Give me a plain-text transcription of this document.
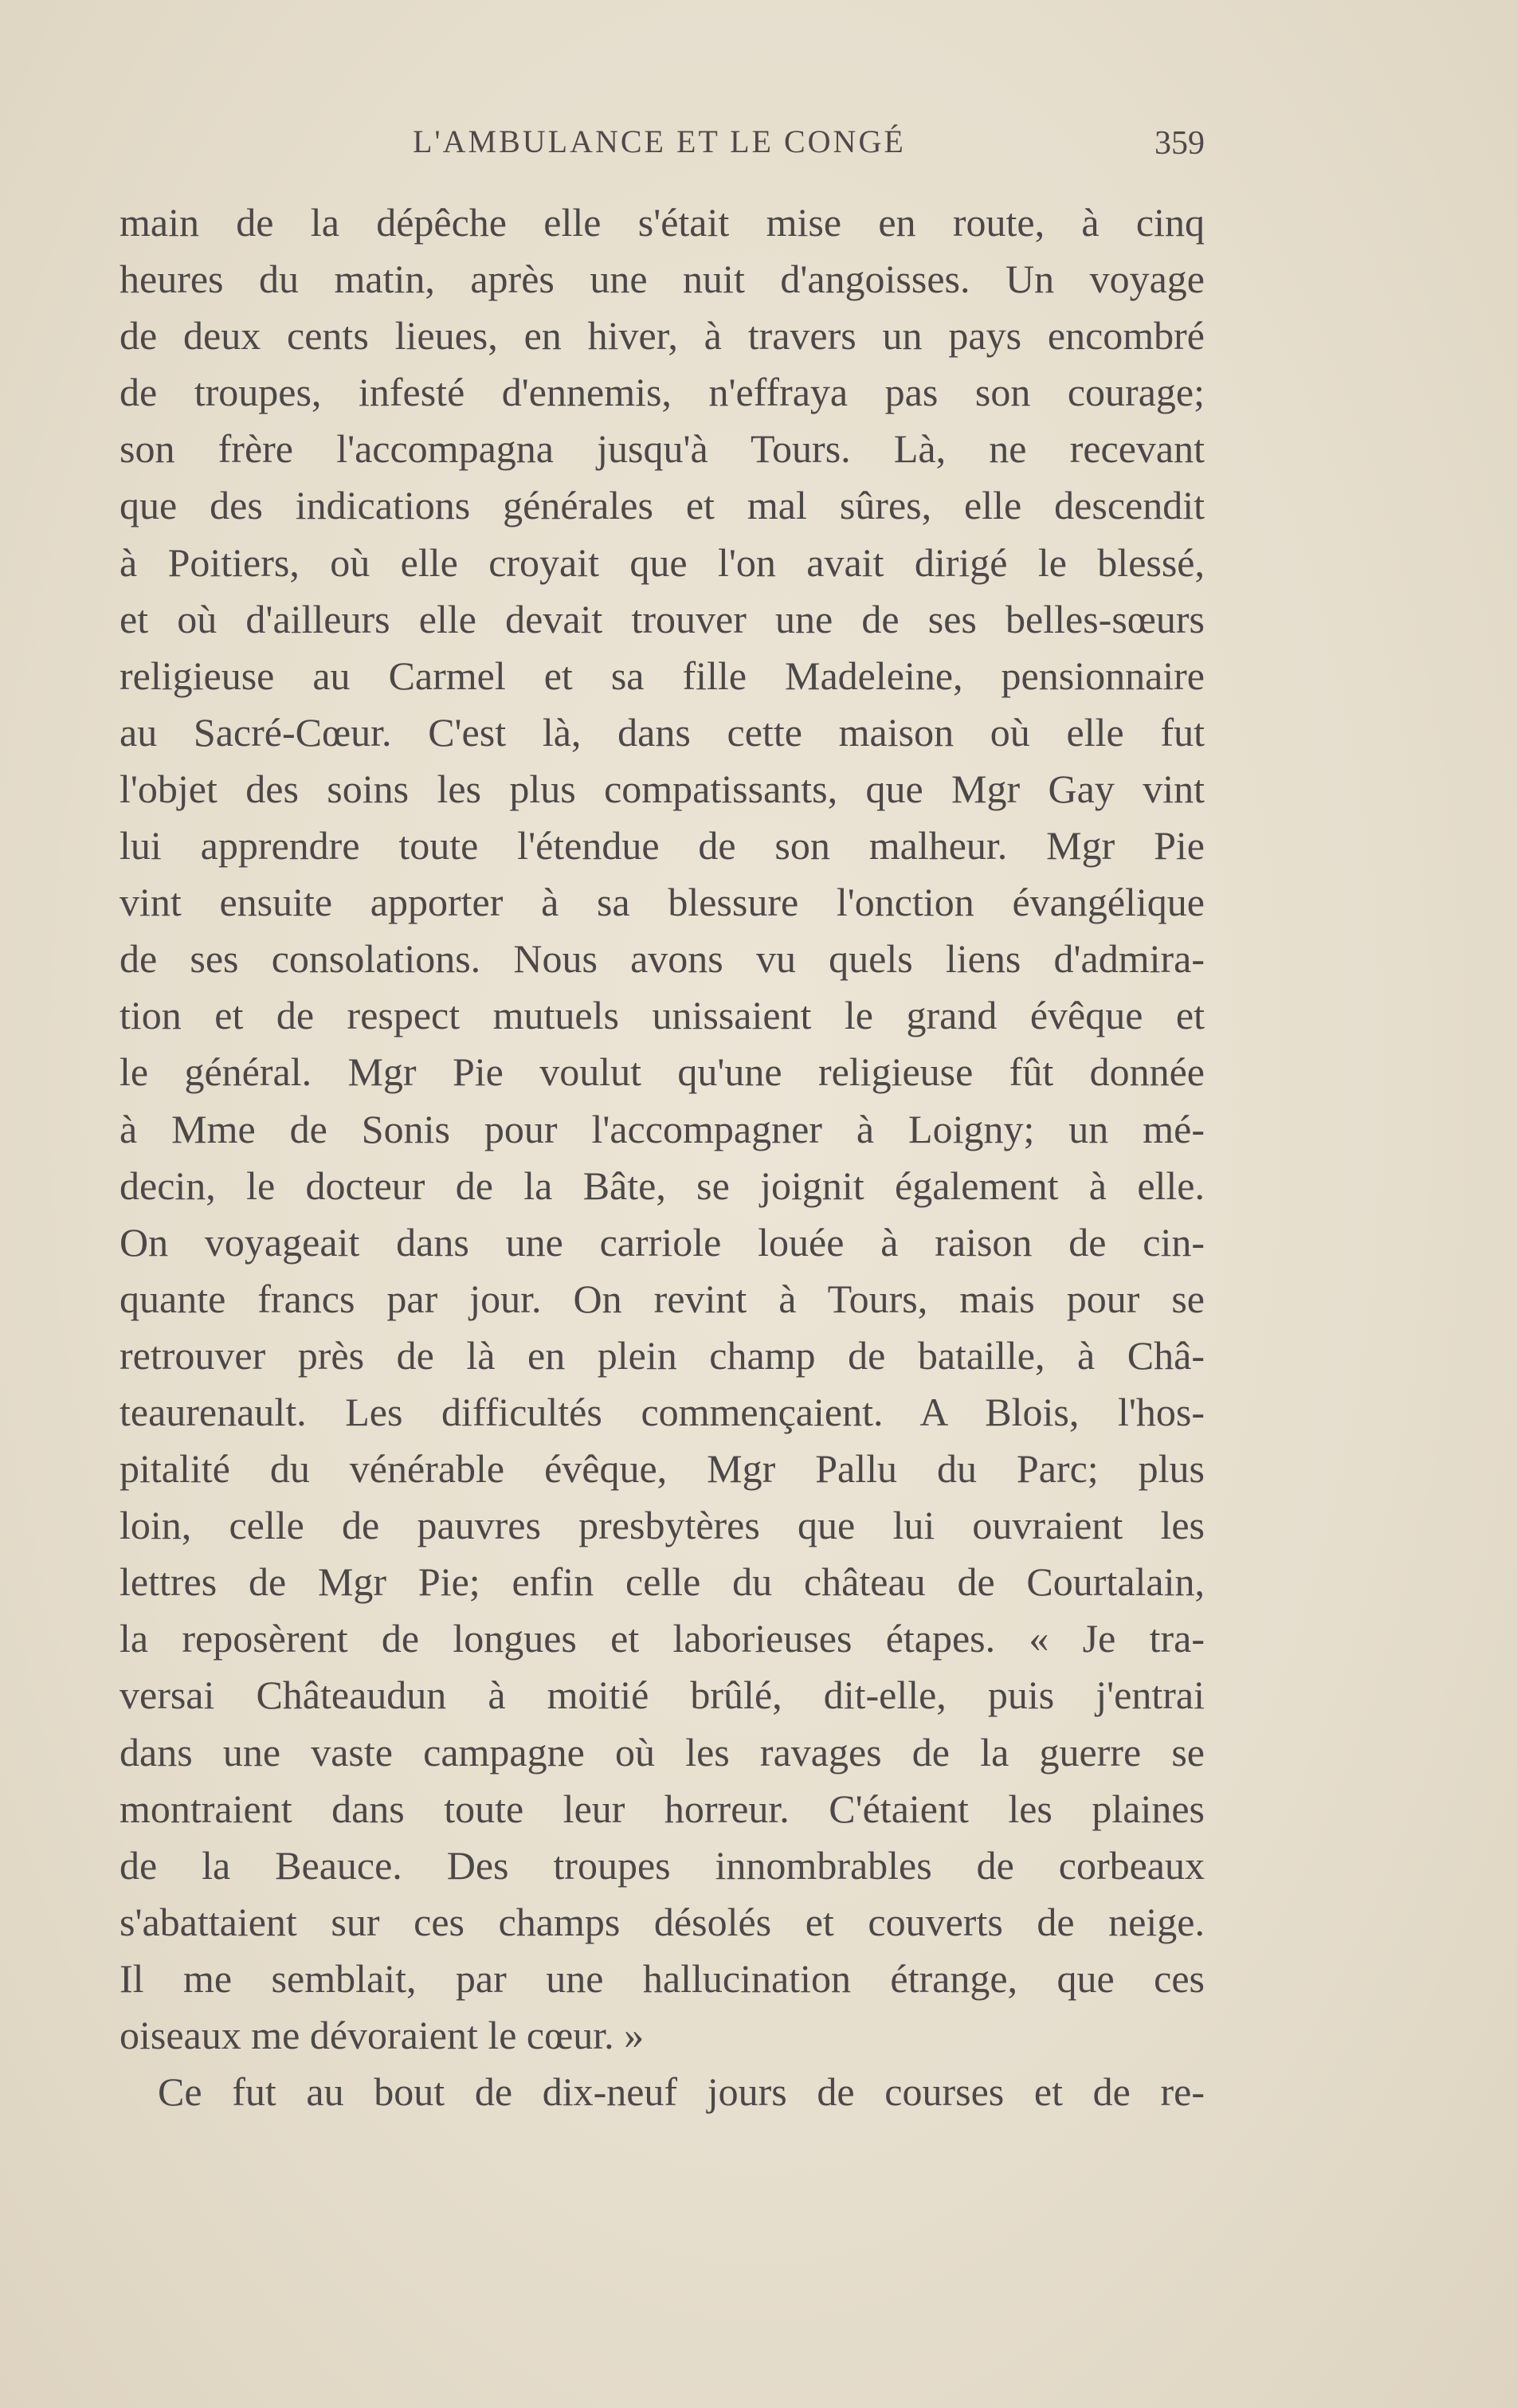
L'AMBULANCE ET LE CONGÉ	359
main de la dépêche elle s'était mise en route, à cinq
heures du matin, après une nuit d'angoisses. Un voyage
de deux cents lieues, en hiver, à travers un pays encombré
de troupes, infesté d'ennemis, n'effraya pas son courage;
son frère l'accompagna jusqu'à Tours. Là, ne recevant
que des indications générales et mal sûres, elle descendit
à Poitiers, où elle croyait que l'on avait dirigé le blessé,
et où d'ailleurs elle devait trouver une de ses belles-sœurs
religieuse au Carmel et sa fille Madeleine, pensionnaire
au Sacré-Cœur. C'est là, dans cette maison où elle fut
l'objet des soins les plus compatissants, que Mgr Gay vint
lui apprendre toute l'étendue de son malheur. Mgr Pie
vint ensuite apporter à sa blessure l'onction évangélique
de ses consolations. Nous avons vu quels liens d'admira-
tion et de respect mutuels unissaient le grand évêque et
le général. Mgr Pie voulut qu'une religieuse fût donnée
à Mme de Sonis pour l'accompagner à Loigny; un mé-
decin, le docteur de la Bâte, se joignit également à elle.
On voyageait dans une carriole louée à raison de cin-
quante francs par jour. On revint à Tours, mais pour se
retrouver près de là en plein champ de bataille, à Châ-
teaurenault. Les difficultés commençaient. A Blois, l'hos-
pitalité du vénérable évêque, Mgr Pallu du Parc; plus
loin, celle de pauvres presbytères que lui ouvraient les
lettres de Mgr Pie; enfin celle du château de Courtalain,
la reposèrent de longues et laborieuses étapes. « Je tra-
versai Châteaudun à moitié brûlé, dit-elle, puis j'entrai
dans une vaste campagne où les ravages de la guerre se
montraient dans toute leur horreur. C'étaient les plaines
de la Beauce. Des troupes innombrables de corbeaux
s'abattaient sur ces champs désolés et couverts de neige.
Il me semblait, par une hallucination étrange, que ces
oiseaux me dévoraient le cœur. »
Ce fut au bout de dix-neuf jours de courses et de re-
